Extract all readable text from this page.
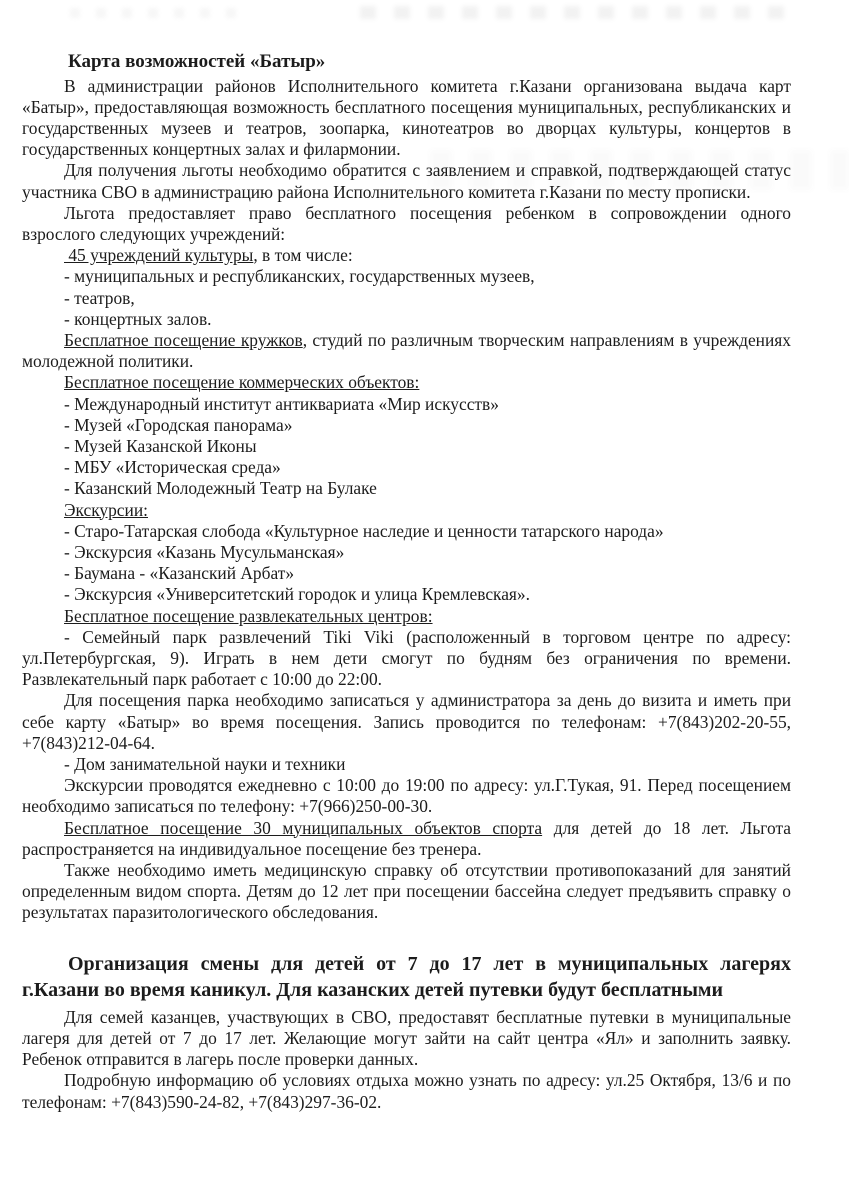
Карта возможностей «Батыр»

В администрации районов Исполнительного комитета г.Казани организована выдача карт «Батыр», предоставляющая возможность бесплатного посещения муниципальных, республиканских и государственных музеев и театров, зоопарка, кинотеатров во дворцах культуры, концертов в государственных концертных залах и филармонии.

Для получения льготы необходимо обратится с заявлением и справкой, подтверждающей статус участника СВО в администрацию района Исполнительного комитета г.Казани по месту прописки.

Льгота предоставляет право бесплатного посещения ребенком в сопровождении одного взрослого следующих учреждений:

45 учреждений культуры, в том числе:

- муниципальных и республиканских, государственных музеев,

- театров,

- концертных залов.

Бесплатное посещение кружков, студий по различным творческим направлениям в учреждениях молодежной политики.

Бесплатное посещение коммерческих объектов:

- Международный институт антиквариата «Мир искусств»

- Музей «Городская панорама»

- Музей Казанской Иконы

- МБУ «Историческая среда»

- Казанский Молодежный Театр на Булаке

Экскурсии:

- Старо-Татарская слобода «Культурное наследие и ценности татарского народа»

- Экскурсия «Казань Мусульманская»

- Баумана - «Казанский Арбат»

- Экскурсия «Университетский городок и улица Кремлевская».

Бесплатное посещение развлекательных центров:

- Семейный парк развлечений Tiki Viki (расположенный в торговом центре по адресу: ул.Петербургская, 9). Играть в нем дети смогут по будням без ограничения по времени. Развлекательный парк работает с 10:00 до 22:00.

Для посещения парка необходимо записаться у администратора за день до визита и иметь при себе карту «Батыр» во время посещения. Запись проводится по телефонам: +7(843)202-20-55, +7(843)212-04-64.

- Дом занимательной науки и техники

Экскурсии проводятся ежедневно с 10:00 до 19:00 по адресу: ул.Г.Тукая, 91. Перед посещением необходимо записаться по телефону: +7(966)250-00-30.

Бесплатное посещение 30 муниципальных объектов спорта для детей до 18 лет. Льгота распространяется на индивидуальное посещение без тренера.

Также необходимо иметь медицинскую справку об отсутствии противопоказаний для занятий определенным видом спорта. Детям до 12 лет при посещении бассейна следует предъявить справку о результатах паразитологического обследования.

Организация смены для детей от 7 до 17 лет в муниципальных лагерях г.Казани во время каникул. Для казанских детей путевки будут бесплатными

Для семей казанцев, участвующих в СВО, предоставят бесплатные путевки в муниципальные лагеря для детей от 7 до 17 лет. Желающие могут зайти на сайт центра «Ял» и заполнить заявку. Ребенок отправится в лагерь после проверки данных.

Подробную информацию об условиях отдыха можно узнать по адресу: ул.25 Октября, 13/6 и по телефонам: +7(843)590-24-82, +7(843)297-36-02.
